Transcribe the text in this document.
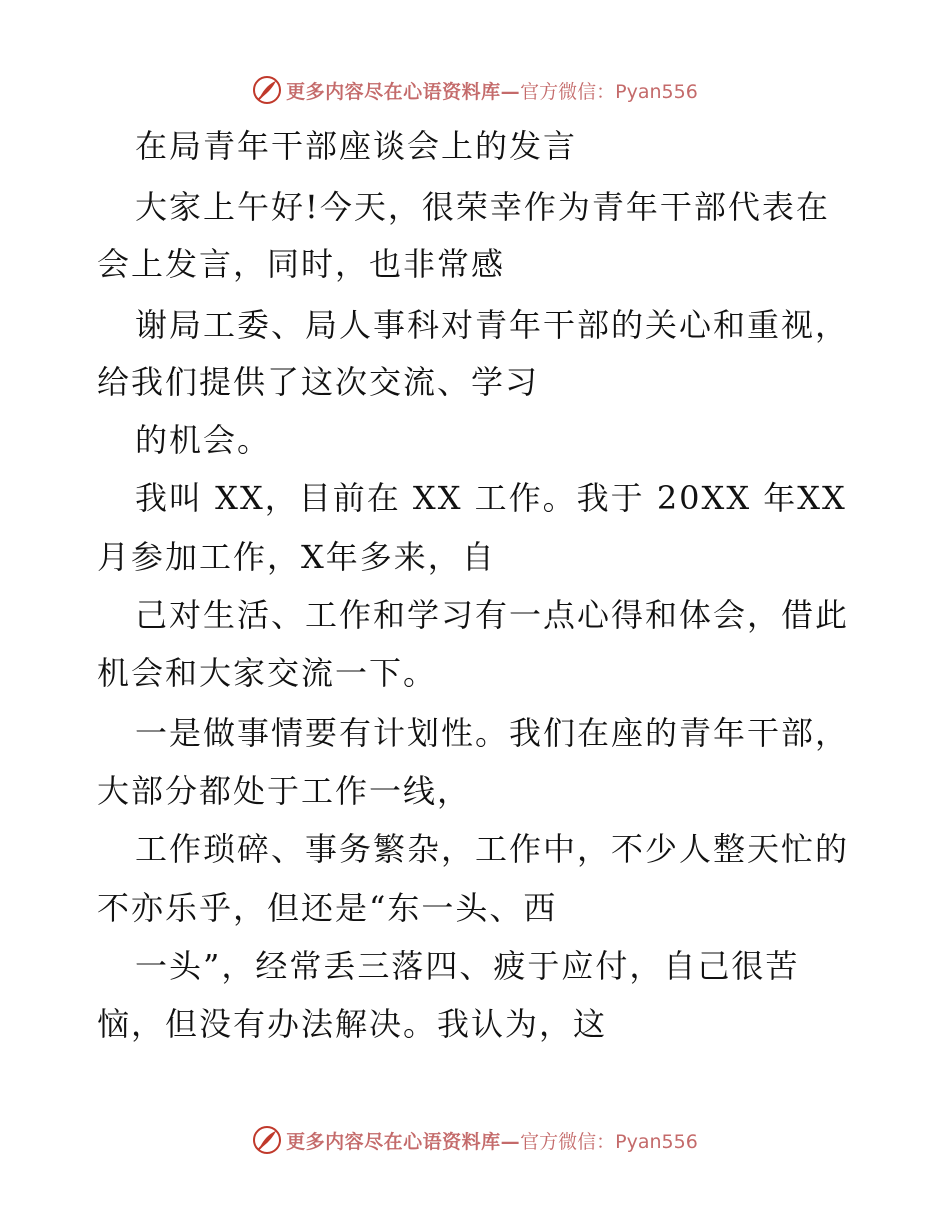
更多内容尽在心语资料库— 官方微信：Pyan556
在局青年干部座谈会上的发言
大家上午好!今天，很荣幸作为青年干部代表在
会上发言，同时，也非常感
谢局工委、局人事科对青年干部的关心和重视，
给我们提供了这次交流、学习
的机会。
我叫 XX，目前在 XX 工作。我于 20XX 年XX
月参加工作，X年多来，自
己对生活、工作和学习有一点心得和体会，借此
机会和大家交流一下。
一是做事情要有计划性。我们在座的青年干部，
大部分都处于工作一线，
工作琐碎、事务繁杂，工作中，不少人整天忙的
不亦乐乎，但还是“东一头、西
一头”，经常丢三落四、疲于应付，自己很苦
恼，但没有办法解决。我认为，这
更多内容尽在心语资料库— 官方微信：Pyan556
